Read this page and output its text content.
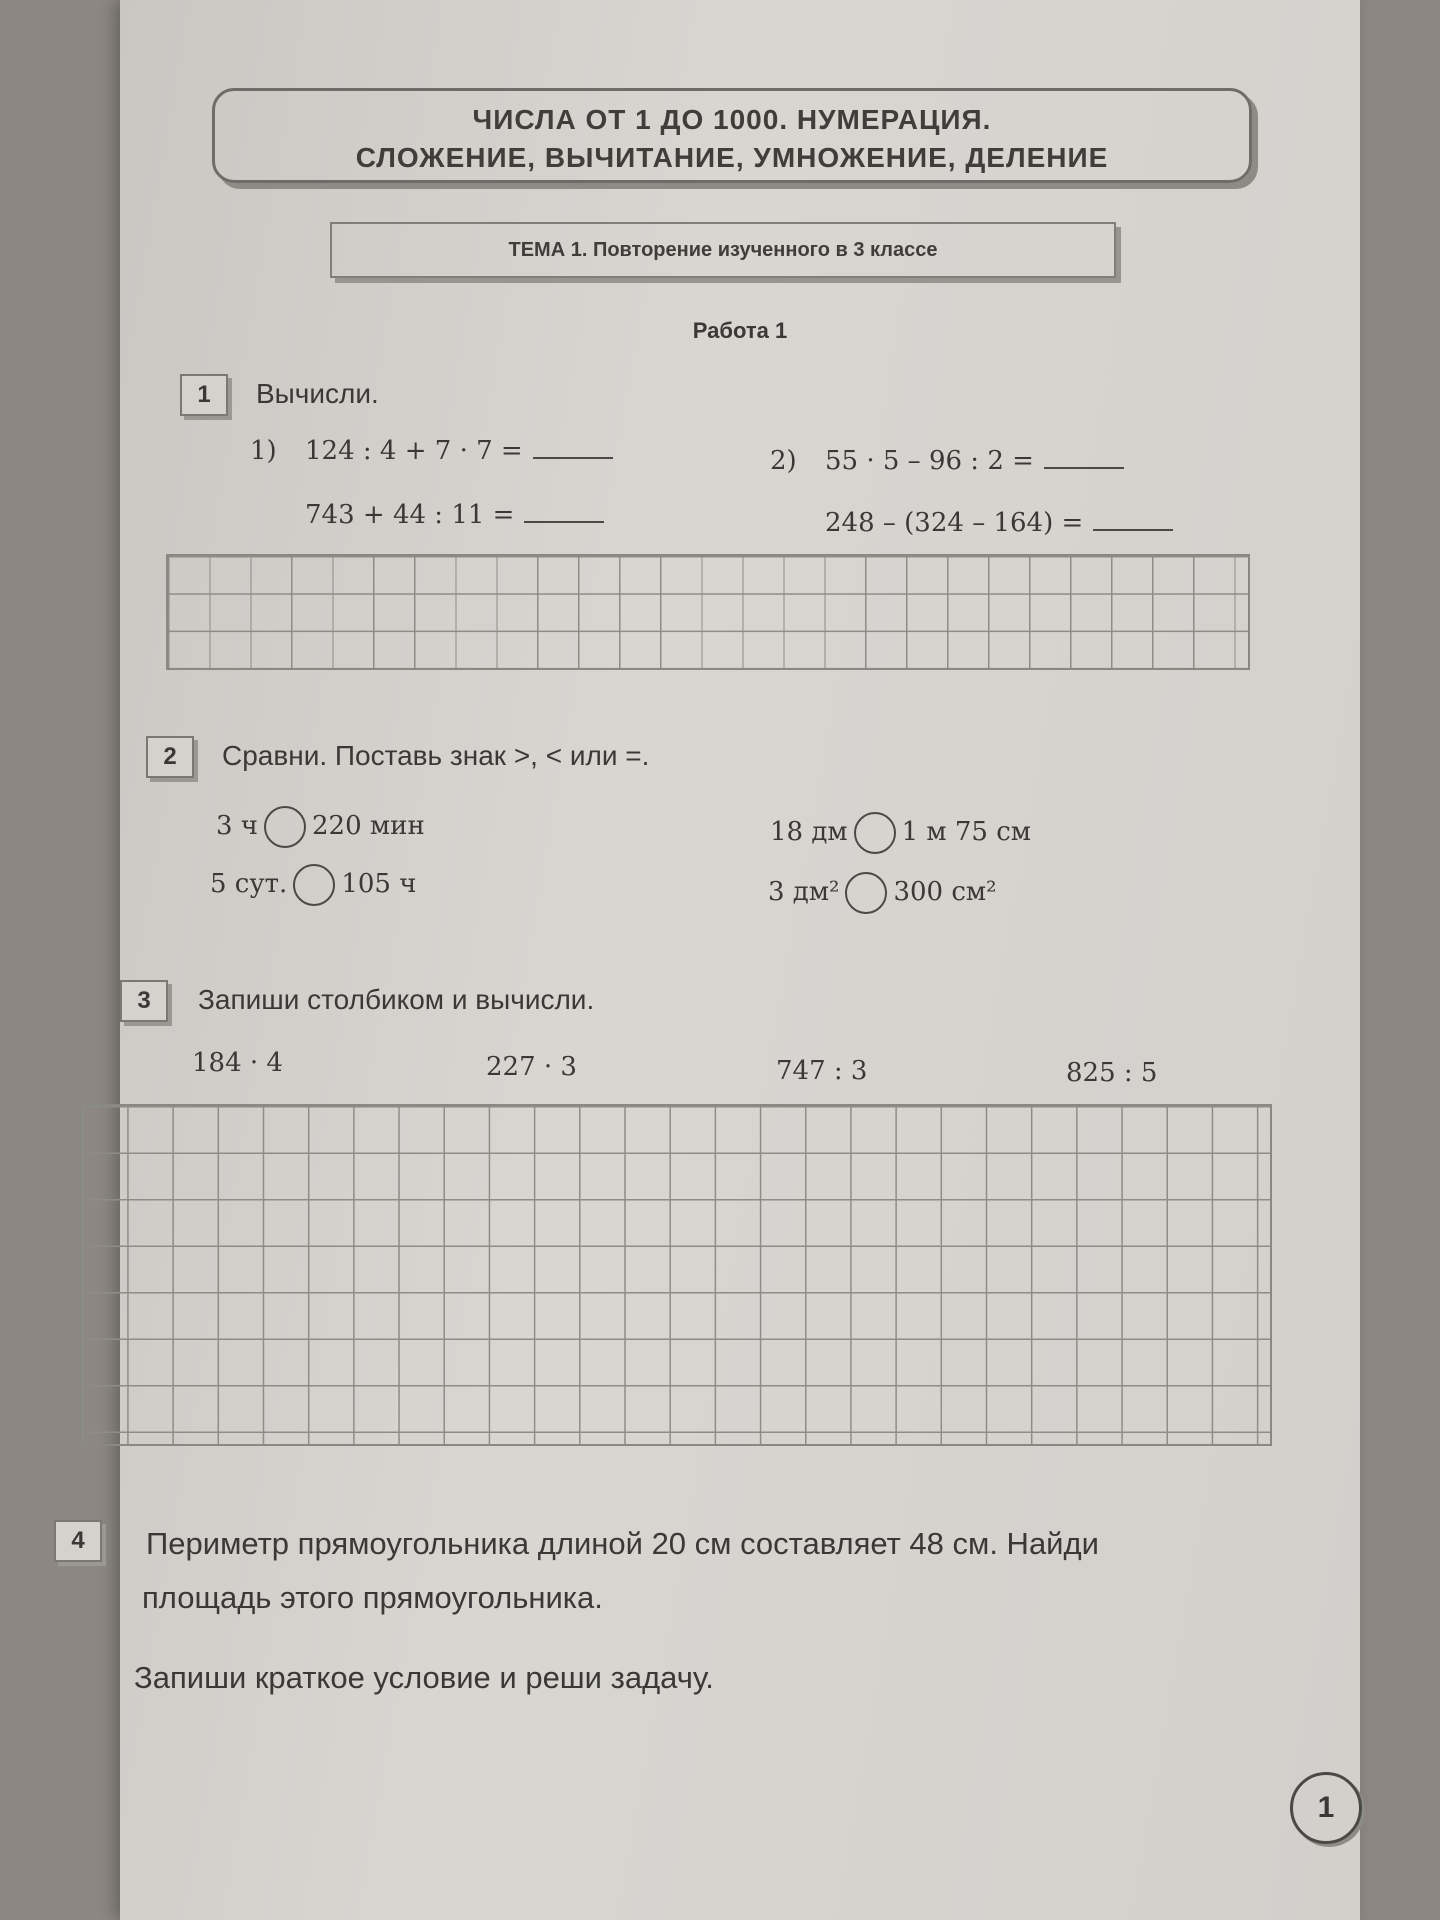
ЧИСЛА ОТ 1 ДО 1000. НУМЕРАЦИЯ.
СЛОЖЕНИЕ, ВЫЧИТАНИЕ, УМНОЖЕНИЕ, ДЕЛЕНИЕ
ТЕМА 1. Повторение изученного в 3 классе
Работа 1
1	Вычисли.
1) 124 : 4 + 7 · 7 =
743 + 44 : 11 =
2) 55 · 5 – 96 : 2 =
248 – (324 – 164) =
2	Сравни. Поставь знак >, < или =.
3 ч 220 мин
5 сут. 105 ч
18 дм 1 м 75 см
3 дм² 300 см²
3	Запиши столбиком и вычисли.
184 · 4	227 · 3	747 : 3	825 : 5
4	Периметр прямоугольника длиной 20 см составляет 48 см. Найди
площадь этого прямоугольника.
Запиши краткое условие и реши задачу.
1
